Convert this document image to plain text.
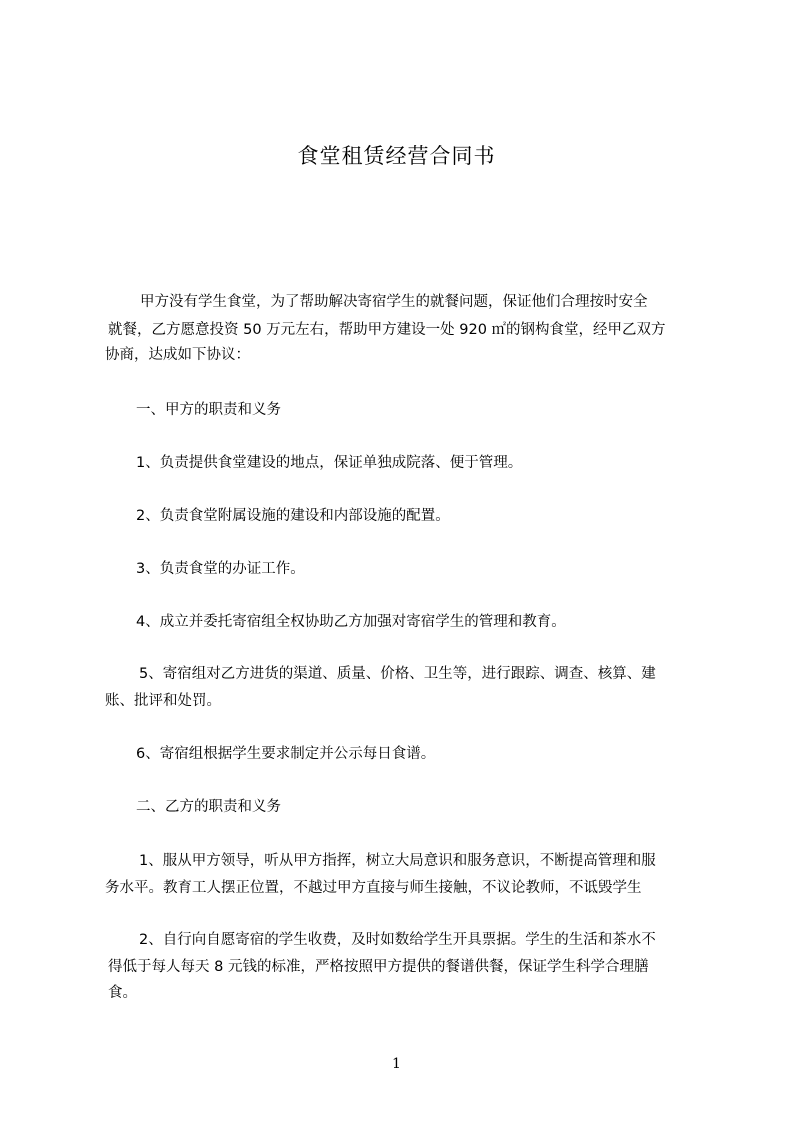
食堂租赁经营合同书
甲方没有学生食堂，为了帮助解决寄宿学生的就餐问题，保证他们合理按时安全
就餐，乙方愿意投资 50 万元左右，帮助甲方建设一处 920 ㎡的钢构食堂，经甲乙双方
协商，达成如下协议：
一、甲方的职责和义务
1、负责提供食堂建设的地点，保证单独成院落、便于管理。
2、负责食堂附属设施的建设和内部设施的配置。
3、负责食堂的办证工作。
4、成立并委托寄宿组全权协助乙方加强对寄宿学生的管理和教育。
5、寄宿组对乙方进货的渠道、质量、价格、卫生等，进行跟踪、调查、核算、建
账、批评和处罚。
6、寄宿组根据学生要求制定并公示每日食谱。
二、乙方的职责和义务
1、服从甲方领导，听从甲方指挥，树立大局意识和服务意识，不断提高管理和服
务水平。教育工人摆正位置，不越过甲方直接与师生接触，不议论教师，不诋毁学生
2、自行向自愿寄宿的学生收费，及时如数给学生开具票据。学生的生活和茶水不
得低于每人每天 8 元钱的标准，严格按照甲方提供的餐谱供餐，保证学生科学合理膳
食。
1
